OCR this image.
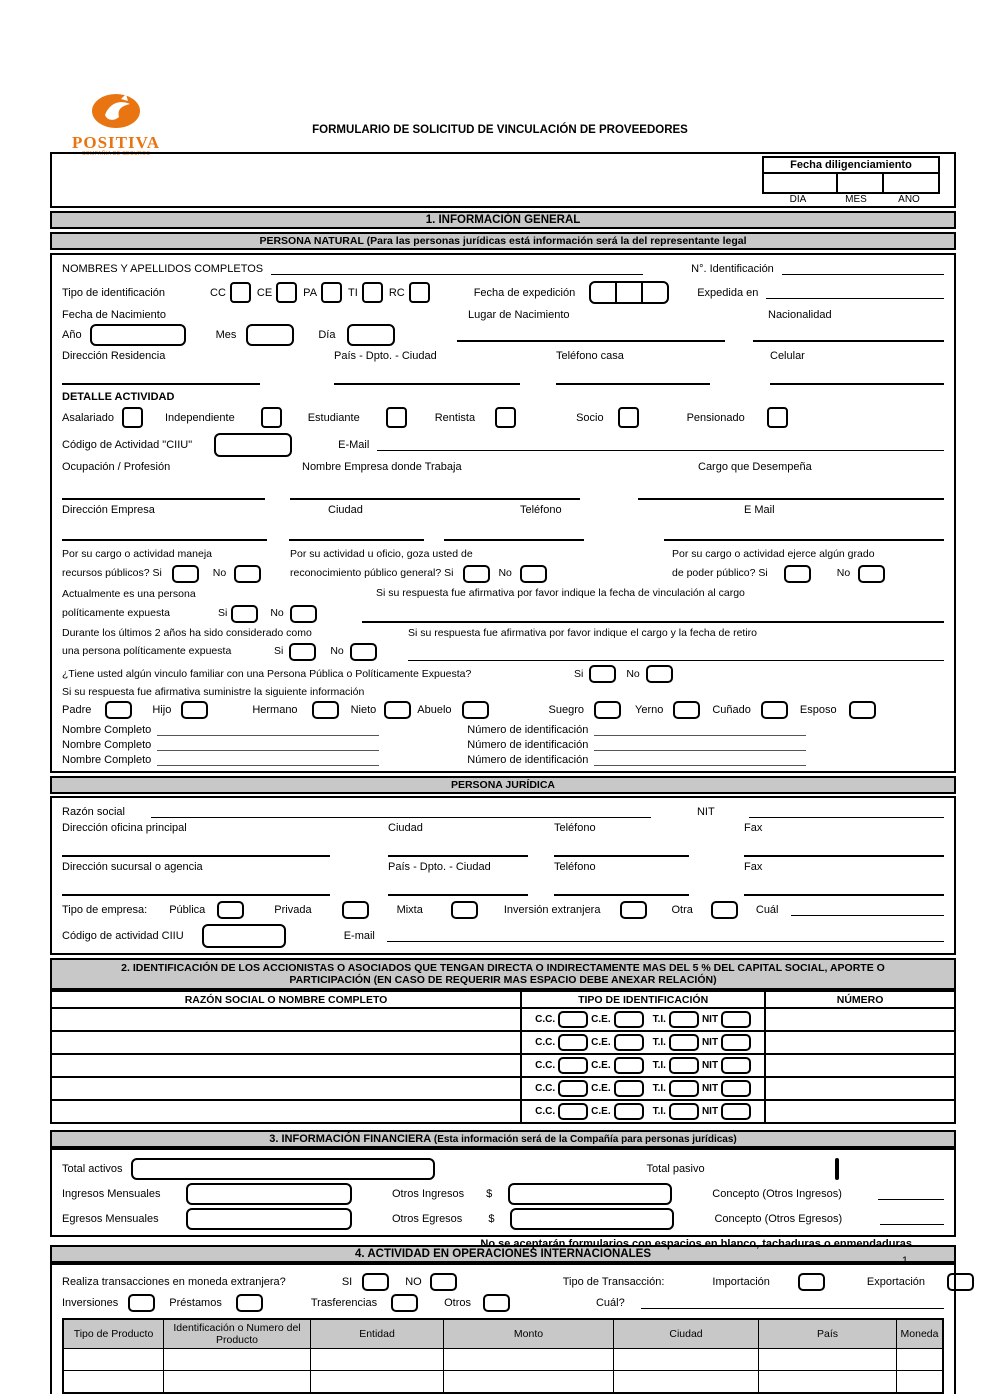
POSITIVA
COMPAÑIA DE SEGUROS
FORMULARIO DE SOLICITUD DE VINCULACIÓN DE PROVEEDORES
Fecha diligenciamiento
DIA	MES	ANO
1. INFORMACIÓN GENERAL
PERSONA NATURAL (Para las personas jurídicas está información será la del representante legal
NOMBRES Y APELLIDOS COMPLETOS	N°. Identificación
Tipo de identificación	CC	CE	PA	TI	RC	Fecha de expedición	Expedida en
Fecha de Nacimiento	Lugar de Nacimiento	Nacionalidad
Año	Mes	Día
Dirección Residencia	País - Dpto. - Ciudad	Teléfono casa	Celular
DETALLE ACTIVIDAD
Asalariado	Independiente	Estudiante	Rentista	Socio	Pensionado
Código de Actividad "CIIU"	E-Mail
Ocupación / Profesión	Nombre Empresa donde Trabaja	Cargo que Desempeña
Dirección Empresa	Ciudad	Teléfono	E Mail
Por su cargo o actividad maneja
recursos públicos? Si	No
Por su actividad u oficio, goza usted de
reconocimiento público general? Si	No
Por su cargo o actividad ejerce algún grado
de poder público? Si	No
Actualmente es una persona
políticamente expuesta	Si	No
Si su respuesta fue afirmativa por favor indique la fecha de vinculación al cargo
Durante los últimos 2 años ha sido considerado como
una persona políticamente expuesta	Si	No
Si su respuesta fue afirmativa por favor indique el cargo y la fecha de retiro
¿Tiene usted algún vinculo familiar con una Persona Pública o Políticamente Expuesta?	Si	No
Si su respuesta fue afirmativa suministre la siguiente información
Padre	Hijo	Hermano	Nieto	Abuelo	Suegro	Yerno	Cuñado	Esposo
Nombre Completo	Número de identificación
Nombre Completo	Número de identificación
Nombre Completo	Número de identificación
PERSONA JURÍDICA
Razón social	NIT
Dirección oficina principal	Ciudad	Teléfono	Fax
Dirección sucursal o agencia	País - Dpto. - Ciudad	Teléfono	Fax
Tipo de empresa: Pública	Privada	Mixta	Inversión extranjera	Otra	Cuál
Código de actividad CIIU	E-mail
2. IDENTIFICACIÓN DE LOS ACCIONISTAS O ASOCIADOS QUE TENGAN DIRECTA O INDIRECTAMENTE MAS DEL 5 % DEL CAPITAL SOCIAL, APORTE O PARTICIPACIÓN (EN CASO DE REQUERIR MAS ESPACIO DEBE ANEXAR RELACIÓN)
RAZÓN SOCIAL O NOMBRE COMPLETO	TIPO DE IDENTIFICACIÓN	NÚMERO

	C.C. C.E. T.I. NIT	

	C.C. C.E. T.I. NIT	

	C.C. C.E. T.I. NIT	

	C.C. C.E. T.I. NIT	

	C.C. C.E. T.I. NIT	

3. INFORMACIÓN FINANCIERA (Esta información será de la Compañía para personas jurídicas)
Total activos	Total pasivo
Ingresos Mensuales	Otros Ingresos $	Concepto (Otros Ingresos)
Egresos Mensuales	Otros Egresos $	Concepto (Otros Egresos)
4. ACTIVIDAD EN OPERACIONES INTERNACIONALES
Realiza transacciones en moneda extranjera?	SI	NO	Tipo de Transacción:	Importación	Exportación
Inversiones	Préstamos	Trasferencias	Otros	Cuál?
Tipo de Producto	Identificación o Numero del Producto	Entidad	Monto	Ciudad	País	Moneda

No se aceptarán formularios con espacios en blanco, tachaduras o enmendaduras
1
